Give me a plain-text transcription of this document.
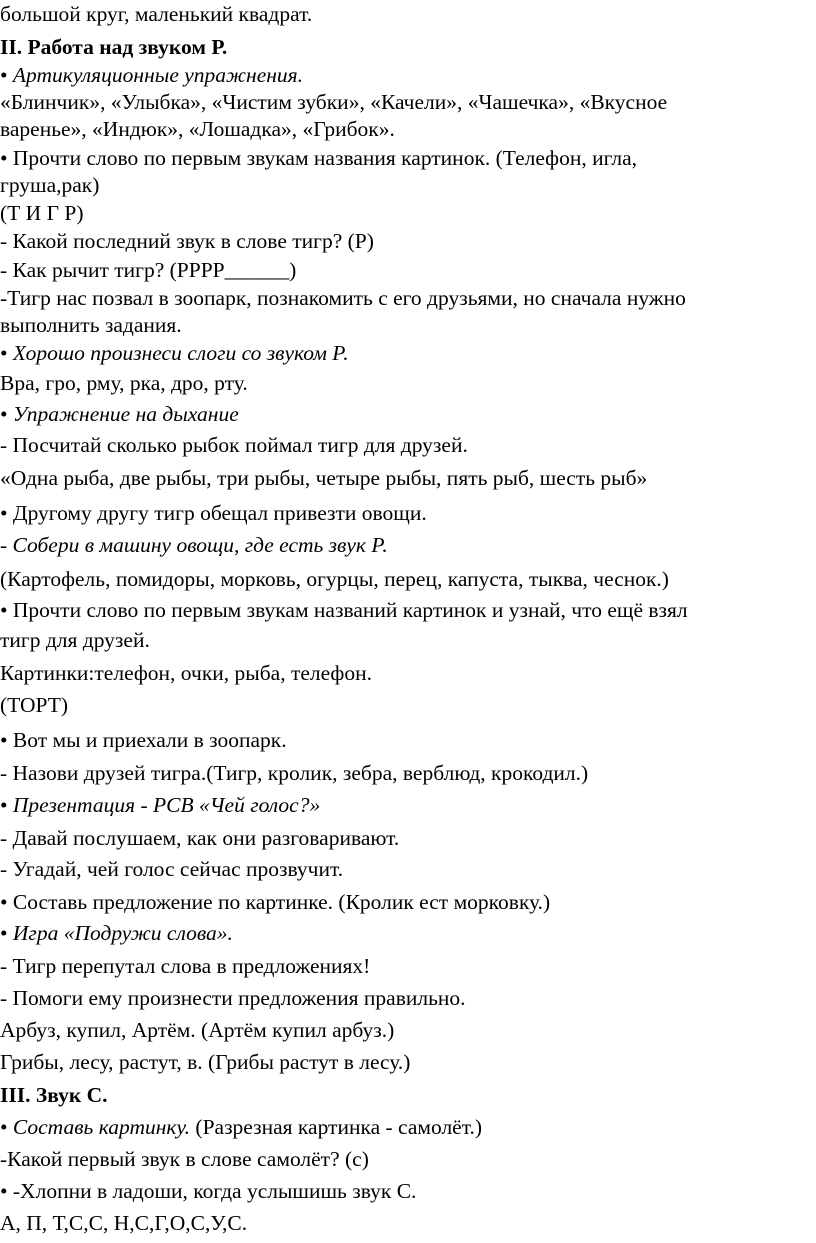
большой круг, маленький квадрат.
II. Работа над звуком Р.
• Артикуляционные упражнения.
«Блинчик», «Улыбка», «Чистим зубки», «Качели», «Чашечка», «Вкусное
варенье», «Индюк», «Лошадка», «Грибок».
• Прочти слово по первым звукам названия картинок. (Телефон, игла,
груша,рак)
(Т И Г Р)
- Какой последний звук в слове тигр? (Р)
- Как рычит тигр? (РРРР______)
-Тигр нас позвал в зоопарк, познакомить с его друзьями, но сначала нужно
выполнить задания.
• Хорошо произнеси слоги со звуком Р.
Вра, гро, рму, рка, дро, рту.
• Упражнение на дыхание
- Посчитай сколько рыбок поймал тигр для друзей.
«Одна рыба, две рыбы, три рыбы, четыре рыбы, пять рыб, шесть рыб»
• Другому другу тигр обещал привезти овощи.
- Собери в машину овощи, где есть звук Р.
(Картофель, помидоры, морковь, огурцы, перец, капуста, тыква, чеснок.)
• Прочти слово по первым звукам названий картинок и узнай, что ещё взял
тигр для друзей.
Картинки:телефон, очки, рыба, телефон.
(ТОРТ)
• Вот мы и приехали в зоопарк.
- Назови друзей тигра.(Тигр, кролик, зебра, верблюд, крокодил.)
• Презентация - РСВ «Чей голос?»
- Давай послушаем, как они разговаривают.
- Угадай, чей голос сейчас прозвучит.
• Составь предложение по картинке. (Кролик ест морковку.)
• Игра «Подружи слова».
- Тигр перепутал слова в предложениях!
- Помоги ему произнести предложения правильно.
Арбуз, купил, Артём. (Артём купил арбуз.)
Грибы, лесу, растут, в. (Грибы растут в лесу.)
III. Звук С.
• Составь картинку. (Разрезная картинка - самолёт.)
-Какой первый звук в слове самолёт? (с)
• -Хлопни в ладоши, когда услышишь звук С.
А, П, Т,С,С, Н,С,Г,О,С,У,С.
